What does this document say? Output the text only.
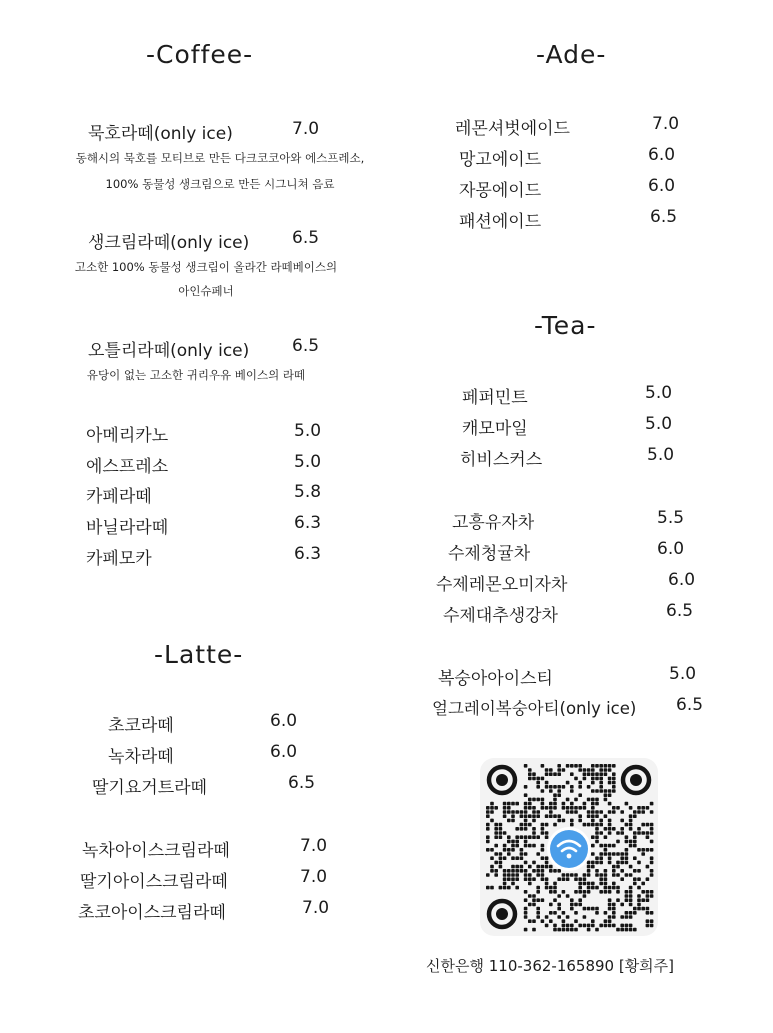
-Coffee-
묵호라떼(only ice)	7.0
동해시의 묵호를 모티브로 만든 다크코코아와 에스프레소,
100% 동물성 생크림으로 만든 시그니쳐 음료
생크림라떼(only ice)	6.5
고소한 100% 동물성 생크림이 올라간 라떼베이스의
아인슈페너
오틀리라떼(only ice)	6.5
유당이 없는 고소한 귀리우유 베이스의 라떼
아메리카노	5.0
에스프레소	5.0
카페라떼	5.8
바닐라라떼	6.3
카페모카	6.3
-Latte-
초코라떼	6.0
녹차라떼	6.0
딸기요거트라떼	6.5
녹차아이스크림라떼	7.0
딸기아이스크림라떼	7.0
초코아이스크림라떼	7.0
-Ade-
레몬셔벗에이드	7.0
망고에이드	6.0
자몽에이드	6.0
패션에이드	6.5
-Tea-
페퍼민트	5.0
캐모마일	5.0
히비스커스	5.0
고흥유자차	5.5
수제청귤차	6.0
수제레몬오미자차	6.0
수제대추생강차	6.5
복숭아아이스티	5.0
얼그레이복숭아티(only ice) 6.5
신한은행 110-362-165890 [황희주]
